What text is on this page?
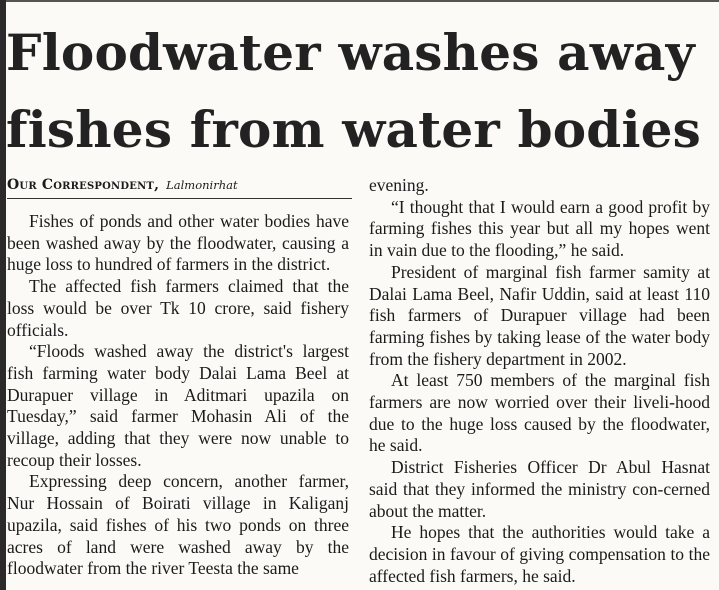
Floodwater washes away
fishes from water bodies
Our Correspondent, Lalmonirhat

Fishes of ponds and other water bodies have been washed away by the floodwater, causing a huge loss to hundred of farmers in the district.

The affected fish farmers claimed that the loss would be over Tk 10 crore, said fishery officials.

“Floods washed away the district's largest fish farming water body Dalai Lama Beel at Durapuer village in Aditmari upazila on Tuesday,” said farmer Mohasin Ali of the village, adding that they were now unable to recoup their losses.

Expressing deep concern, another farmer, Nur Hossain of Boirati village in Kaliganj upazila, said fishes of his two ponds on three acres of land were washed away by the floodwater from the river Teesta the same

evening.

“I thought that I would earn a good profit by farming fishes this year but all my hopes went in vain due to the flooding,” he said.

President of marginal fish farmer samity at Dalai Lama Beel, Nafir Uddin, said at least 110 fish farmers of Durapuer village had been farming fishes by taking lease of the water body from the fishery department in 2002.

At least 750 members of the marginal fish farmers are now worried over their liveli-hood due to the huge loss caused by the floodwater, he said.

District Fisheries Officer Dr Abul Hasnat said that they informed the ministry con-cerned about the matter.

He hopes that the authorities would take a decision in favour of giving compensation to the affected fish farmers, he said.
